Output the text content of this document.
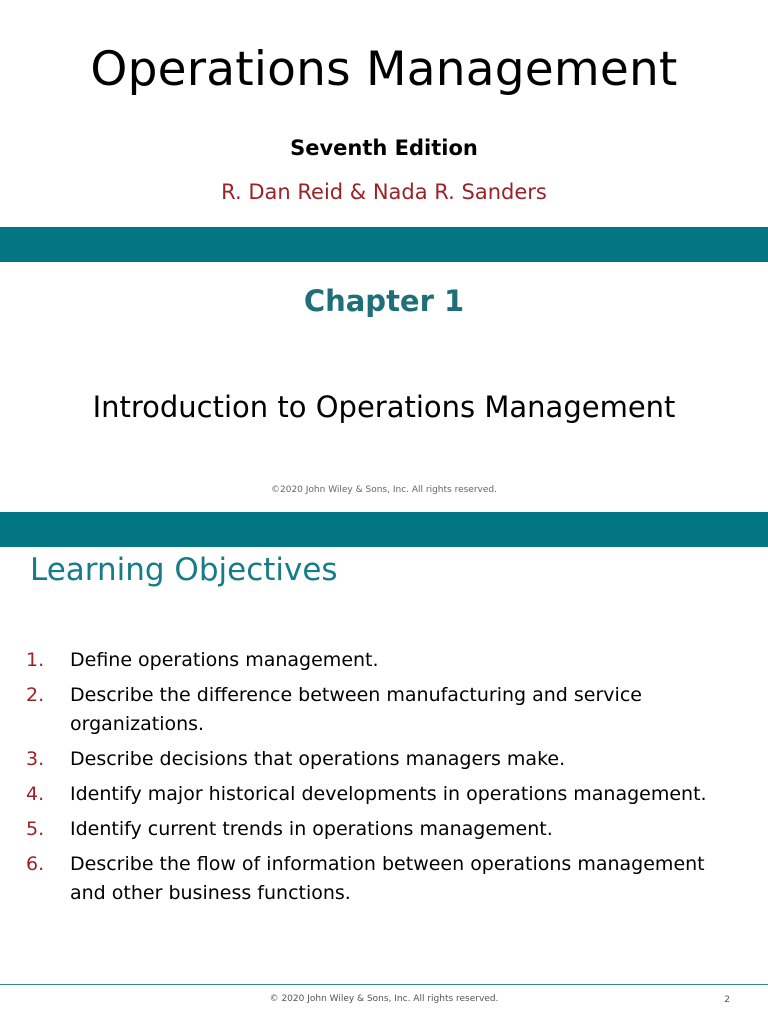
Operations Management
Seventh Edition
R. Dan Reid & Nada R. Sanders
Chapter 1
Introduction to Operations Management
©2020 John Wiley & Sons, Inc. All rights reserved.
Learning Objectives
1.	Define operations management.
2.	Describe the difference between manufacturing and service organizations.
3.	Describe decisions that operations managers make.
4.	Identify major historical developments in operations management.
5.	Identify current trends in operations management.
6.	Describe the flow of information between operations management and other business functions.
© 2020 John Wiley & Sons, Inc. All rights reserved.	2
